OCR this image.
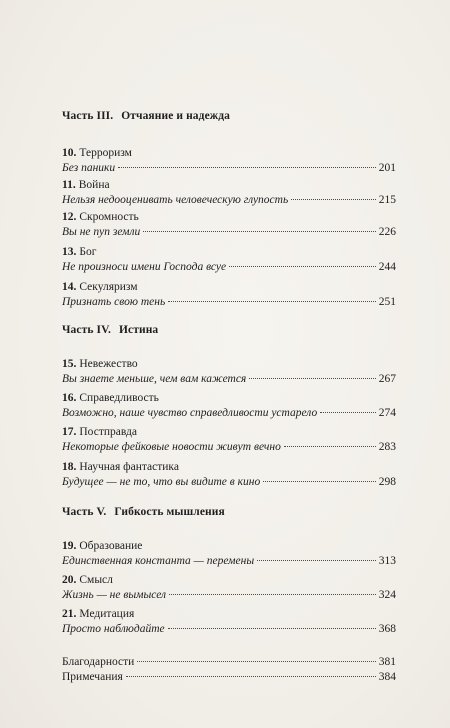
Часть III. Отчаяние и надежда
10. Терроризм
Без паники	201
11. Война
Нельзя недооценивать человеческую глупость	215
12. Скромность
Вы не пуп земли	226
13. Бог
Не произноси имени Господа всуе	244
14. Секуляризм
Признать свою тень	251
Часть IV. Истина
15. Невежество
Вы знаете меньше, чем вам кажется	267
16. Справедливость
Возможно, наше чувство справедливости устарело	274
17. Постправда
Некоторые фейковые новости живут вечно	283
18. Научная фантастика
Будущее — не то, что вы видите в кино	298
Часть V. Гибкость мышления
19. Образование
Единственная константа — перемены	313
20. Смысл
Жизнь — не вымысел	324
21. Медитация
Просто наблюдайте	368
Благодарности	381
Примечания	384
